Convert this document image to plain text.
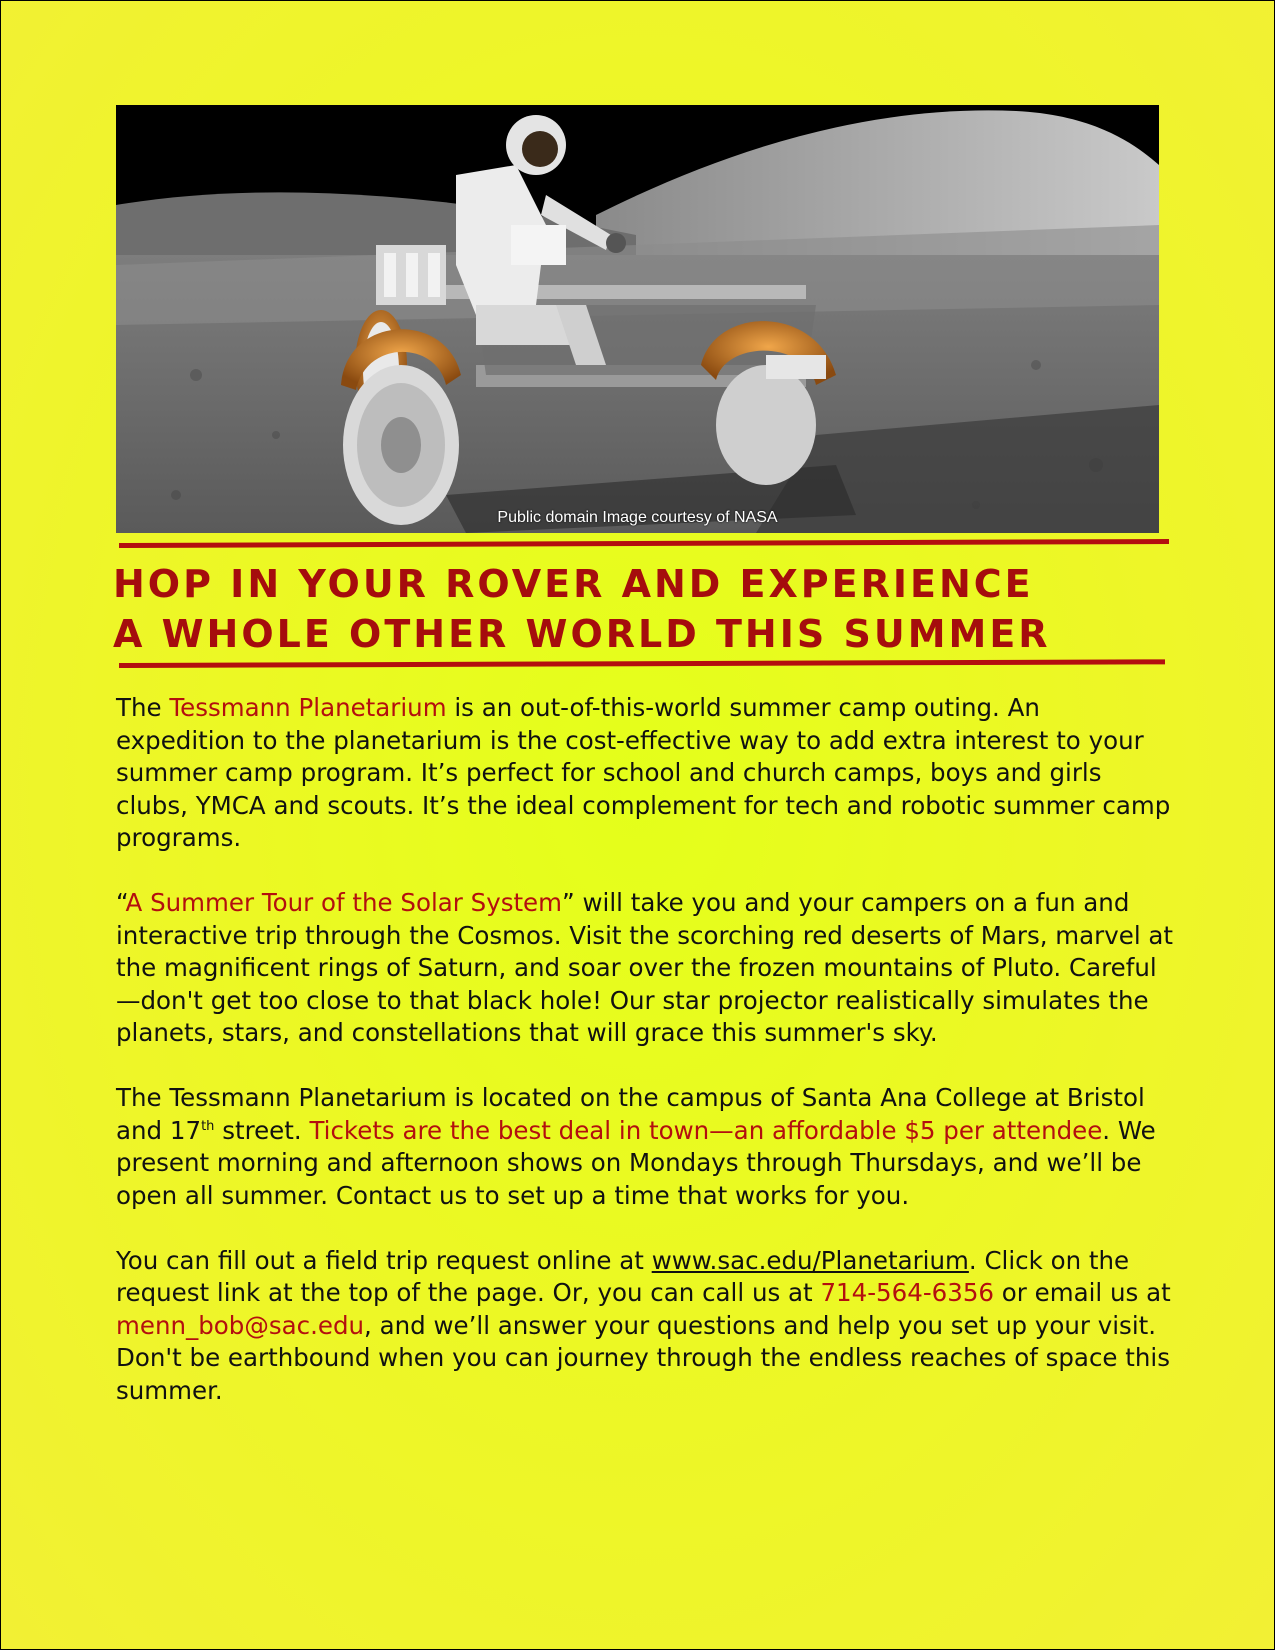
Public domain Image courtesy of NASA
HOP IN YOUR ROVER AND EXPERIENCE
A WHOLE OTHER WORLD THIS SUMMER

The Tessmann Planetarium is an out-of-this-world summer camp outing. An expedition to the planetarium is the cost-effective way to add extra interest to your summer camp program. It’s perfect for school and church camps, boys and girls clubs, YMCA and scouts. It’s the ideal complement for tech and robotic summer camp programs.

“A Summer Tour of the Solar System” will take you and your campers on a fun and interactive trip through the Cosmos. Visit the scorching red deserts of Mars, marvel at the magnificent rings of Saturn, and soar over the frozen mountains of Pluto. Careful—don't get too close to that black hole! Our star projector realistically simulates the planets, stars, and constellations that will grace this summer's sky.

The Tessmann Planetarium is located on the campus of Santa Ana College at Bristol and 17th street. Tickets are the best deal in town—an affordable $5 per attendee. We present morning and afternoon shows on Mondays through Thursdays, and we’ll be open all summer. Contact us to set up a time that works for you.

You can fill out a field trip request online at www.sac.edu/Planetarium. Click on the request link at the top of the page. Or, you can call us at 714-564-6356 or email us at menn_bob@sac.edu, and we’ll answer your questions and help you set up your visit. Don't be earthbound when you can journey through the endless reaches of space this summer.
